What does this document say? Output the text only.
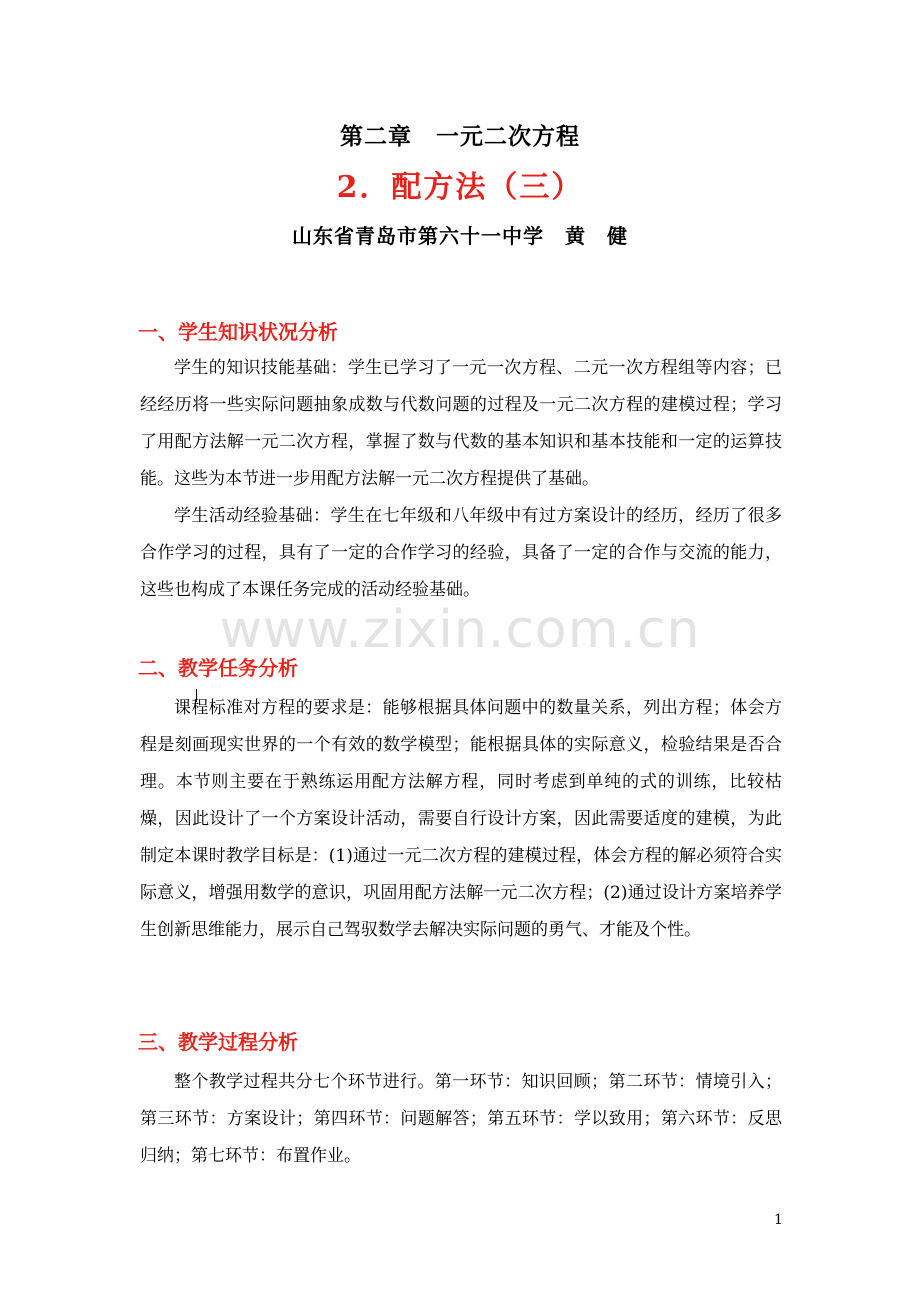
第二章　一元二次方程
2．配方法（三）
山东省青岛市第六十一中学　黄　健
一、学生知识状况分析

学生的知识技能基础：学生已学习了一元一次方程、二元一次方程组等内容；已经经历将一些实际问题抽象成数与代数问题的过程及一元二次方程的建模过程；学习了用配方法解一元二次方程，掌握了数与代数的基本知识和基本技能和一定的运算技能。这些为本节进一步用配方法解一元二次方程提供了基础。

学生活动经验基础：学生在七年级和八年级中有过方案设计的经历，经历了很多合作学习的过程，具有了一定的合作学习的经验，具备了一定的合作与交流的能力，这些也构成了本课任务完成的活动经验基础。

www.zixin.com.cn
二、教学任务分析

课程标准对方程的要求是：能够根据具体问题中的数量关系，列出方程；体会方程是刻画现实世界的一个有效的数学模型；能根据具体的实际意义，检验结果是否合理。本节则主要在于熟练运用配方法解方程，同时考虑到单纯的式的训练，比较枯燥，因此设计了一个方案设计活动，需要自行设计方案，因此需要适度的建模，为此制定本课时教学目标是：(1)通过一元二次方程的建模过程，体会方程的解必须符合实际意义，增强用数学的意识，巩固用配方法解一元二次方程；(2)通过设计方案培养学生创新思维能力，展示自己驾驭数学去解决实际问题的勇气、才能及个性。

三、教学过程分析

整个教学过程共分七个环节进行。第一环节：知识回顾；第二环节：情境引入；第三环节：方案设计；第四环节：问题解答；第五环节：学以致用；第六环节：反思归纳；第七环节：布置作业。

1
